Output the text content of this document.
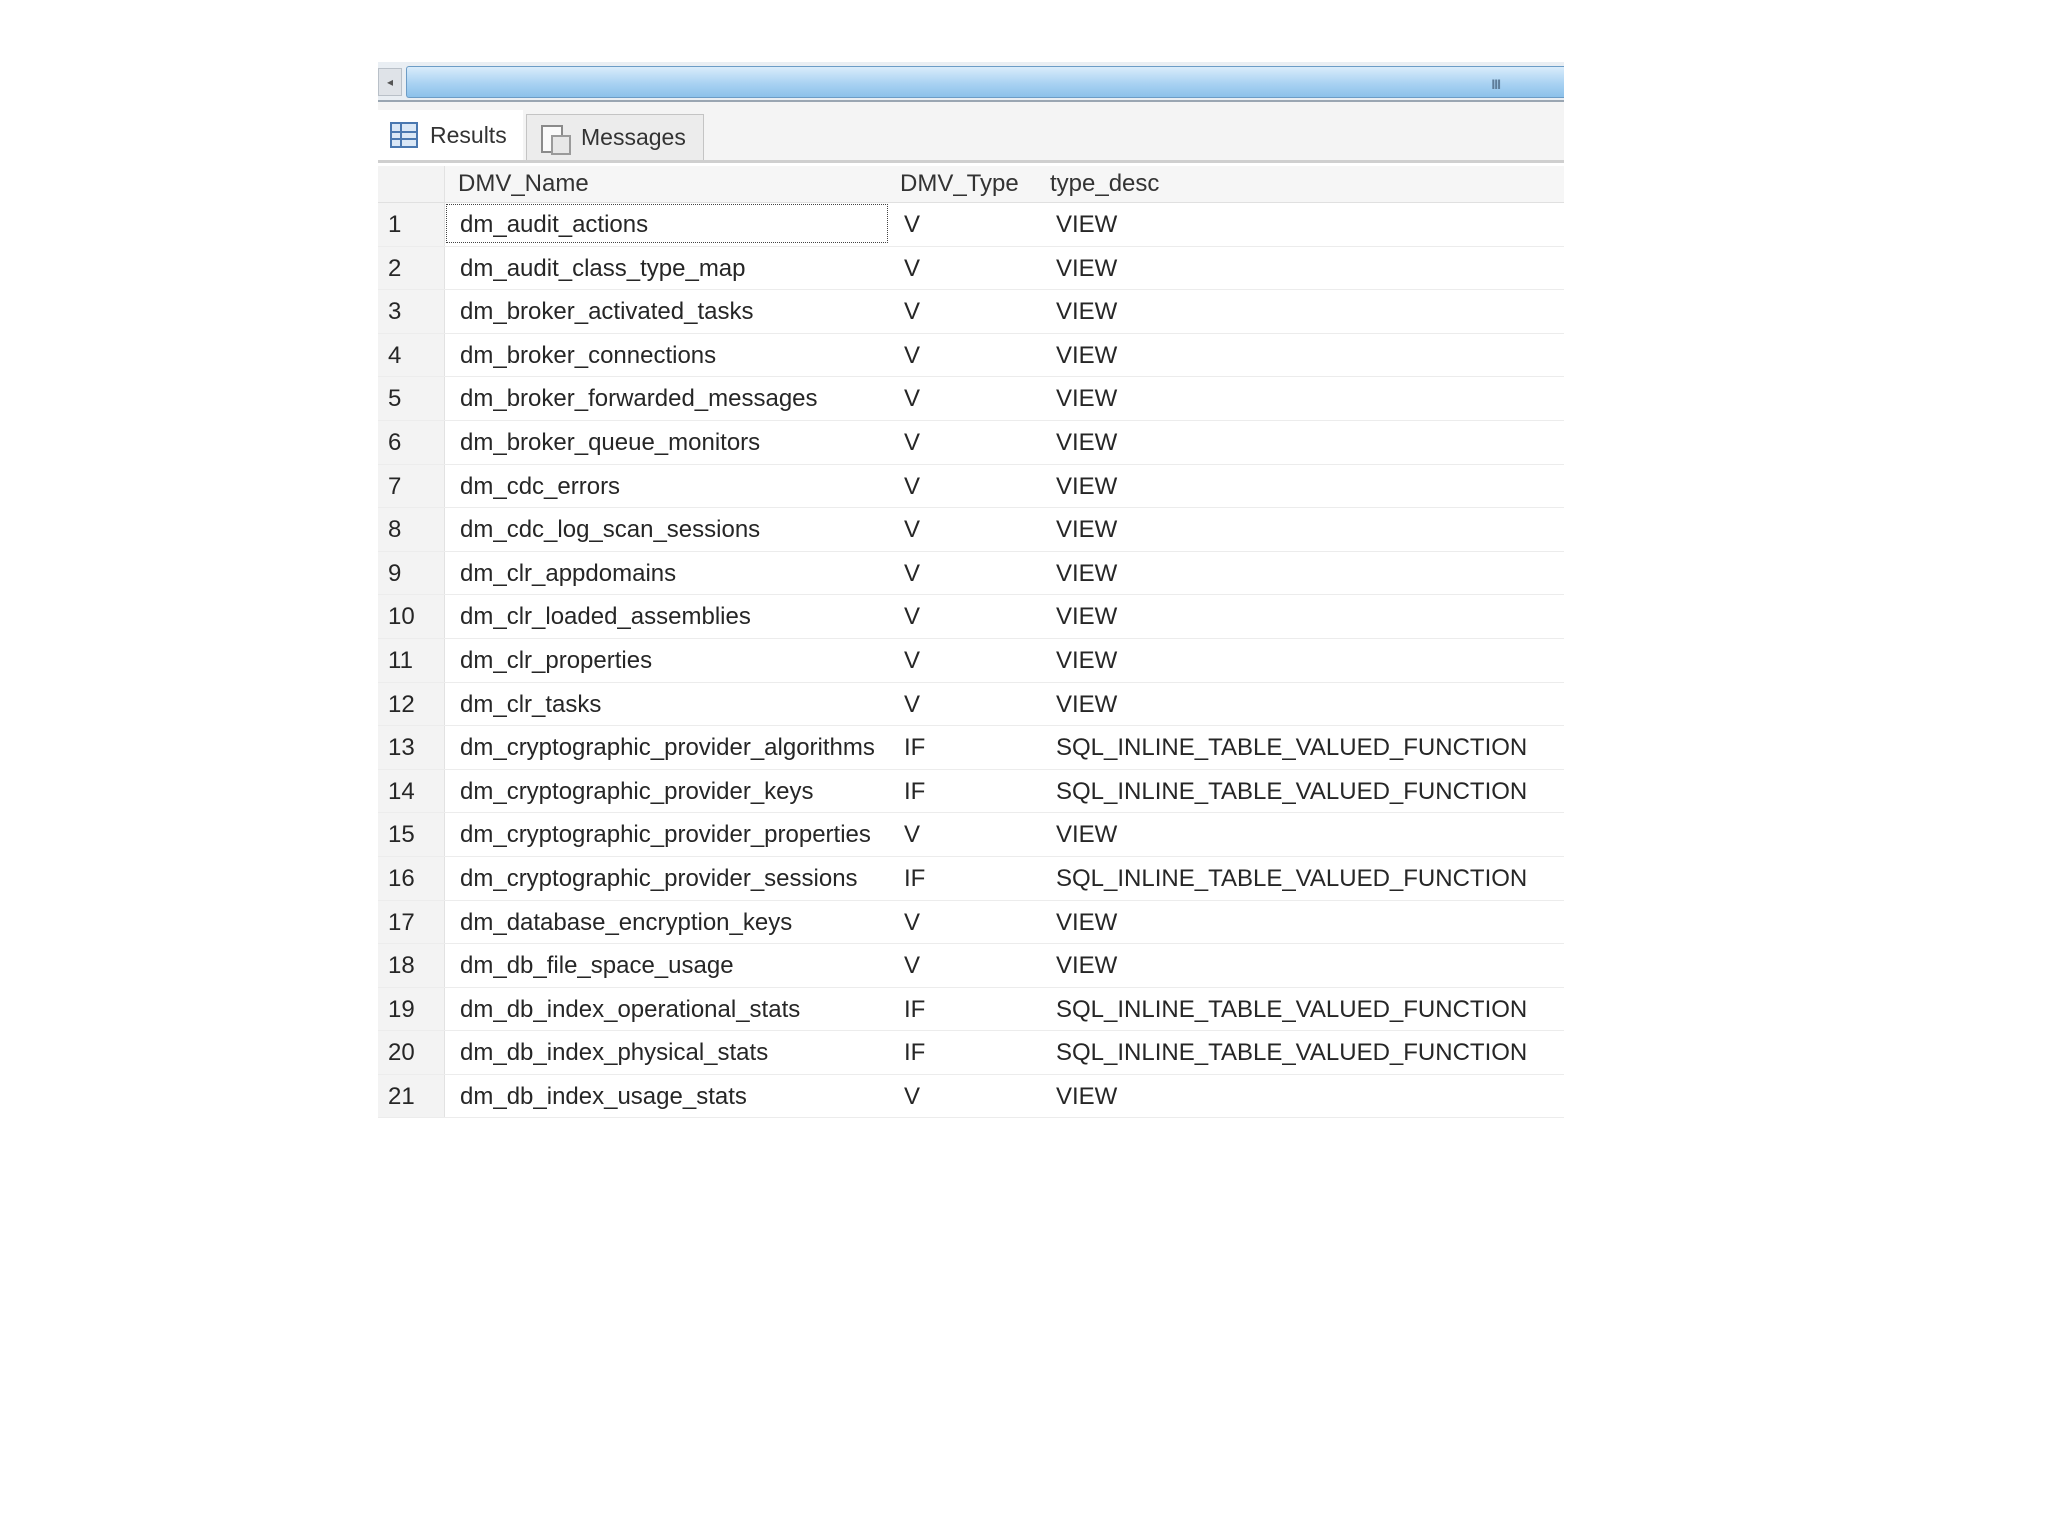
◂	III
Results	Messages
DMV_Name	DMV_Type type_desc
1 dm_audit_actions	V	VIEW
2 dm_audit_class_type_map	V	VIEW
3 dm_broker_activated_tasks	V	VIEW
4 dm_broker_connections	V	VIEW
5 dm_broker_forwarded_messages	V	VIEW
6 dm_broker_queue_monitors	V	VIEW
7 dm_cdc_errors	V	VIEW
8 dm_cdc_log_scan_sessions	V	VIEW
9 dm_clr_appdomains	V	VIEW
10 dm_clr_loaded_assemblies	V	VIEW
11 dm_clr_properties	V	VIEW
12 dm_clr_tasks	V	VIEW
13 dm_cryptographic_provider_algorithms IF	SQL_INLINE_TABLE_VALUED_FUNCTION
14 dm_cryptographic_provider_keys	IF	SQL_INLINE_TABLE_VALUED_FUNCTION
15 dm_cryptographic_provider_properties V	VIEW
16 dm_cryptographic_provider_sessions IF	SQL_INLINE_TABLE_VALUED_FUNCTION
17 dm_database_encryption_keys	V	VIEW
18 dm_db_file_space_usage	V	VIEW
19 dm_db_index_operational_stats	IF	SQL_INLINE_TABLE_VALUED_FUNCTION
20 dm_db_index_physical_stats	IF	SQL_INLINE_TABLE_VALUED_FUNCTION
21 dm_db_index_usage_stats	V	VIEW
